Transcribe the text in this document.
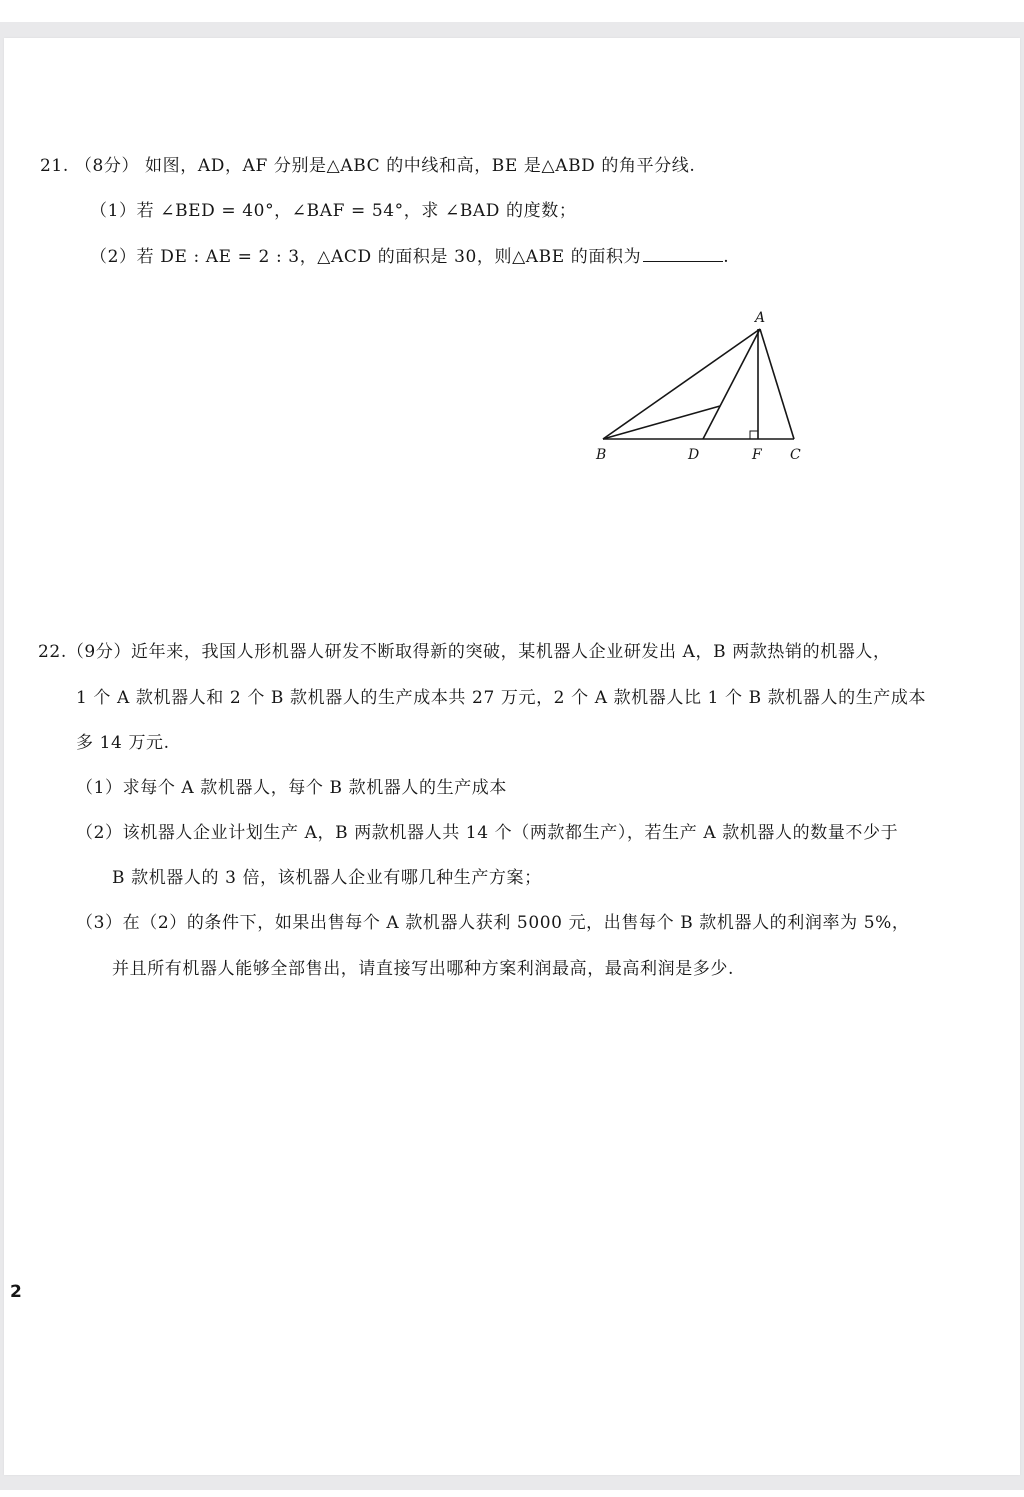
21. （8分） 如图，AD，AF 分别是△ABC 的中线和高，BE 是△ABD 的角平分线.
（1）若 ∠BED = 40°，∠BAF = 54°，求 ∠BAD 的度数；
（2）若 DE : AE = 2 : 3，△ACD 的面积是 30，则△ABE 的面积为	.
A
B	D	F C
22.（9分）近年来，我国人形机器人研发不断取得新的突破，某机器人企业研发出 A，B 两款热销的机器人，
1 个 A 款机器人和 2 个 B 款机器人的生产成本共 27 万元，2 个 A 款机器人比 1 个 B 款机器人的生产成本
多 14 万元.
（1）求每个 A 款机器人，每个 B 款机器人的生产成本
（2）该机器人企业计划生产 A，B 两款机器人共 14 个（两款都生产），若生产 A 款机器人的数量不少于
B 款机器人的 3 倍，该机器人企业有哪几种生产方案；
（3）在（2）的条件下，如果出售每个 A 款机器人获利 5000 元，出售每个 B 款机器人的利润率为 5%，
并且所有机器人能够全部售出，请直接写出哪种方案利润最高，最高利润是多少.
2
